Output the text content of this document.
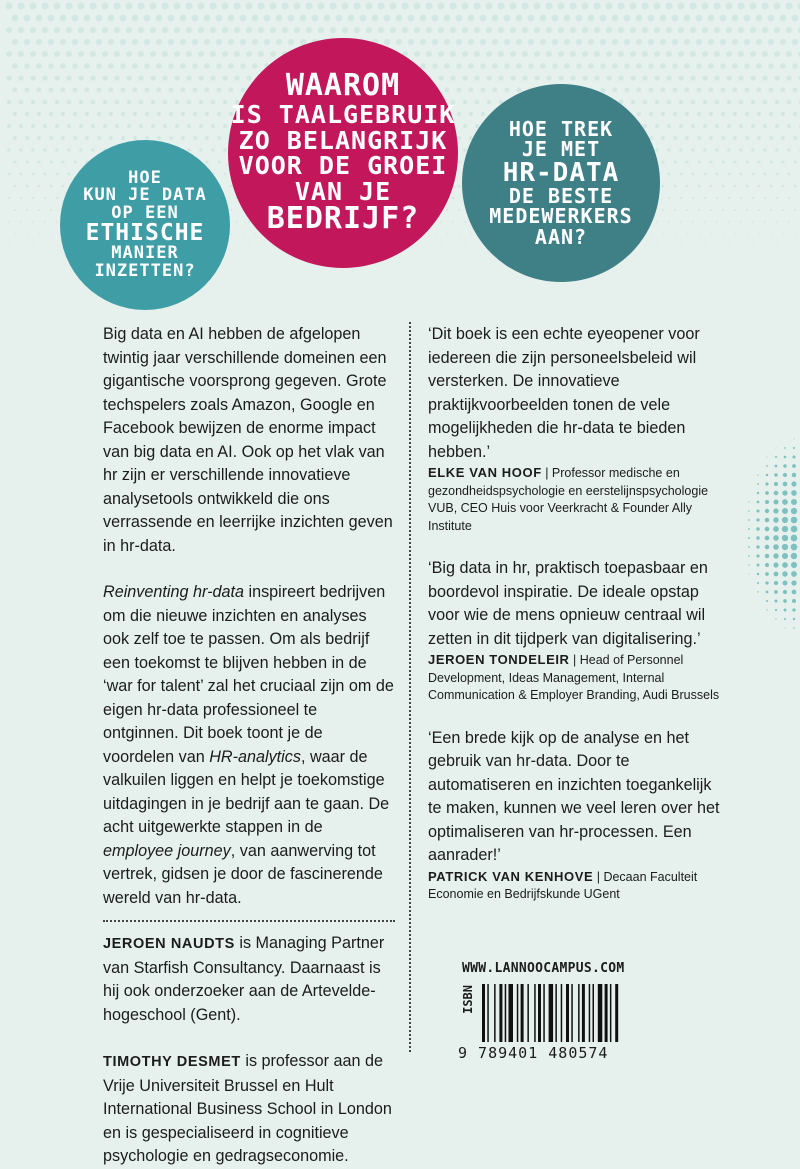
HOE
KUN JE DATA
OP EEN
ETHISCHE
MANIER
INZETTEN?
WAAROM
IS TAALGEBRUIK
ZO BELANGRIJK
VOOR DE GROEI
VAN JE
BEDRIJF?
HOE TREK
JE MET
HR-DATA
DE BESTE
MEDEWERKERS
AAN?

Big data en AI hebben de afgelopen twintig jaar verschillende domeinen een gigantische voorsprong gegeven. Grote techspelers zoals Amazon, Google en Facebook bewijzen de enorme impact van big data en AI. Ook op het vlak van hr zijn er verschillende innovatieve analysetools ontwikkeld die ons verrassende en leerrijke inzichten geven in hr-data.

Reinventing hr-data inspireert bedrijven om die nieuwe inzichten en analyses ook zelf toe te passen. Om als bedrijf een toekomst te blijven hebben in de ‘war for talent’ zal het cruciaal zijn om de eigen hr-data professioneel te ontginnen. Dit boek toont je de voordelen van HR-analytics, waar de valkuilen liggen en helpt je toekomstige uitdagingen in je bedrijf aan te gaan. De acht uitgewerkte stappen in de employee journey, van aanwerving tot vertrek, gidsen je door de fascinerende wereld van hr-data.

JEROEN NAUDTS is Managing Partner van Starfish Consultancy. Daarnaast is hij ook onderzoeker aan de Artevelde-hogeschool (Gent).

TIMOTHY DESMET is professor aan de Vrije Universiteit Brussel en Hult International Business School in London en is gespecialiseerd in cognitieve psychologie en gedragseconomie.

‘Dit boek is een echte eyeopener voor iedereen die zijn personeelsbeleid wil versterken. De innovatieve praktijkvoorbeelden tonen de vele mogelijkheden die hr-data te bieden hebben.’

ELKE VAN HOOF | Professor medische en gezondheidspsychologie en eerstelijnspsychologie VUB, CEO Huis voor Veerkracht & Founder Ally Institute

‘Big data in hr, praktisch toepasbaar en boordevol inspiratie. De ideale opstap voor wie de mens opnieuw centraal wil zetten in dit tijdperk van digitalisering.’

JEROEN TONDELEIR | Head of Personnel Development, Ideas Management, Internal Communication & Employer Branding, Audi Brussels

‘Een brede kijk op de analyse en het gebruik van hr-data. Door te automatiseren en inzichten toegankelijk te maken, kunnen we veel leren over het optimaliseren van hr-processen. Een aanrader!’

PATRICK VAN KENHOVE | Decaan Faculteit Economie en Bedrijfskunde UGent

WWW.LANNOOCAMPUS.COM
ISBN
9 789401 480574
